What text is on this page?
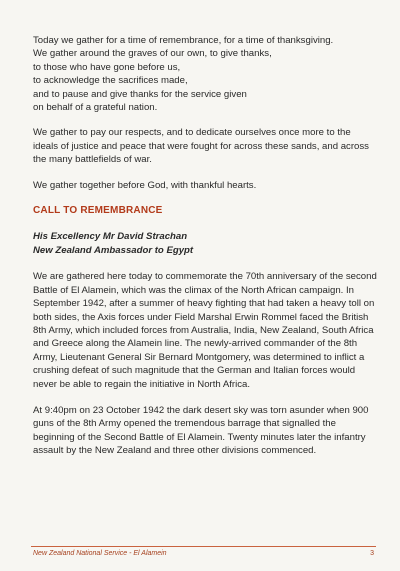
Today we gather for a time of remembrance, for a time of thanksgiving.

We gather around the graves of our own, to give thanks,

to those who have gone before us,

to acknowledge the sacrifices made,

and to pause and give thanks for the service given

on behalf of a grateful nation.

We gather to pay our respects, and to dedicate ourselves once more to the ideals of justice and peace that were fought for across these sands, and across the many battlefields of war.

We gather together before God, with thankful hearts.

CALL TO REMEMBRANCE

His Excellency Mr David Strachan

New Zealand Ambassador to Egypt

We are gathered here today to commemorate the 70th anniversary of the second Battle of El Alamein, which was the climax of the North African campaign. In September 1942, after a summer of heavy fighting that had taken a heavy toll on both sides, the Axis forces under Field Marshal Erwin Rommel faced the British 8th Army, which included forces from Australia, India, New Zealand, South Africa and Greece along the Alamein line. The newly-arrived commander of the 8th Army, Lieutenant General Sir Bernard Montgomery, was determined to inflict a crushing defeat of such magnitude that the German and Italian forces would never be able to regain the initiative in North Africa.

At 9:40pm on 23 October 1942 the dark desert sky was torn asunder when 900 guns of the 8th Army opened the tremendous barrage that signalled the beginning of the Second Battle of El Alamein. Twenty minutes later the infantry assault by the New Zealand and three other divisions commenced.

New Zealand National Service - El Alamein	3
